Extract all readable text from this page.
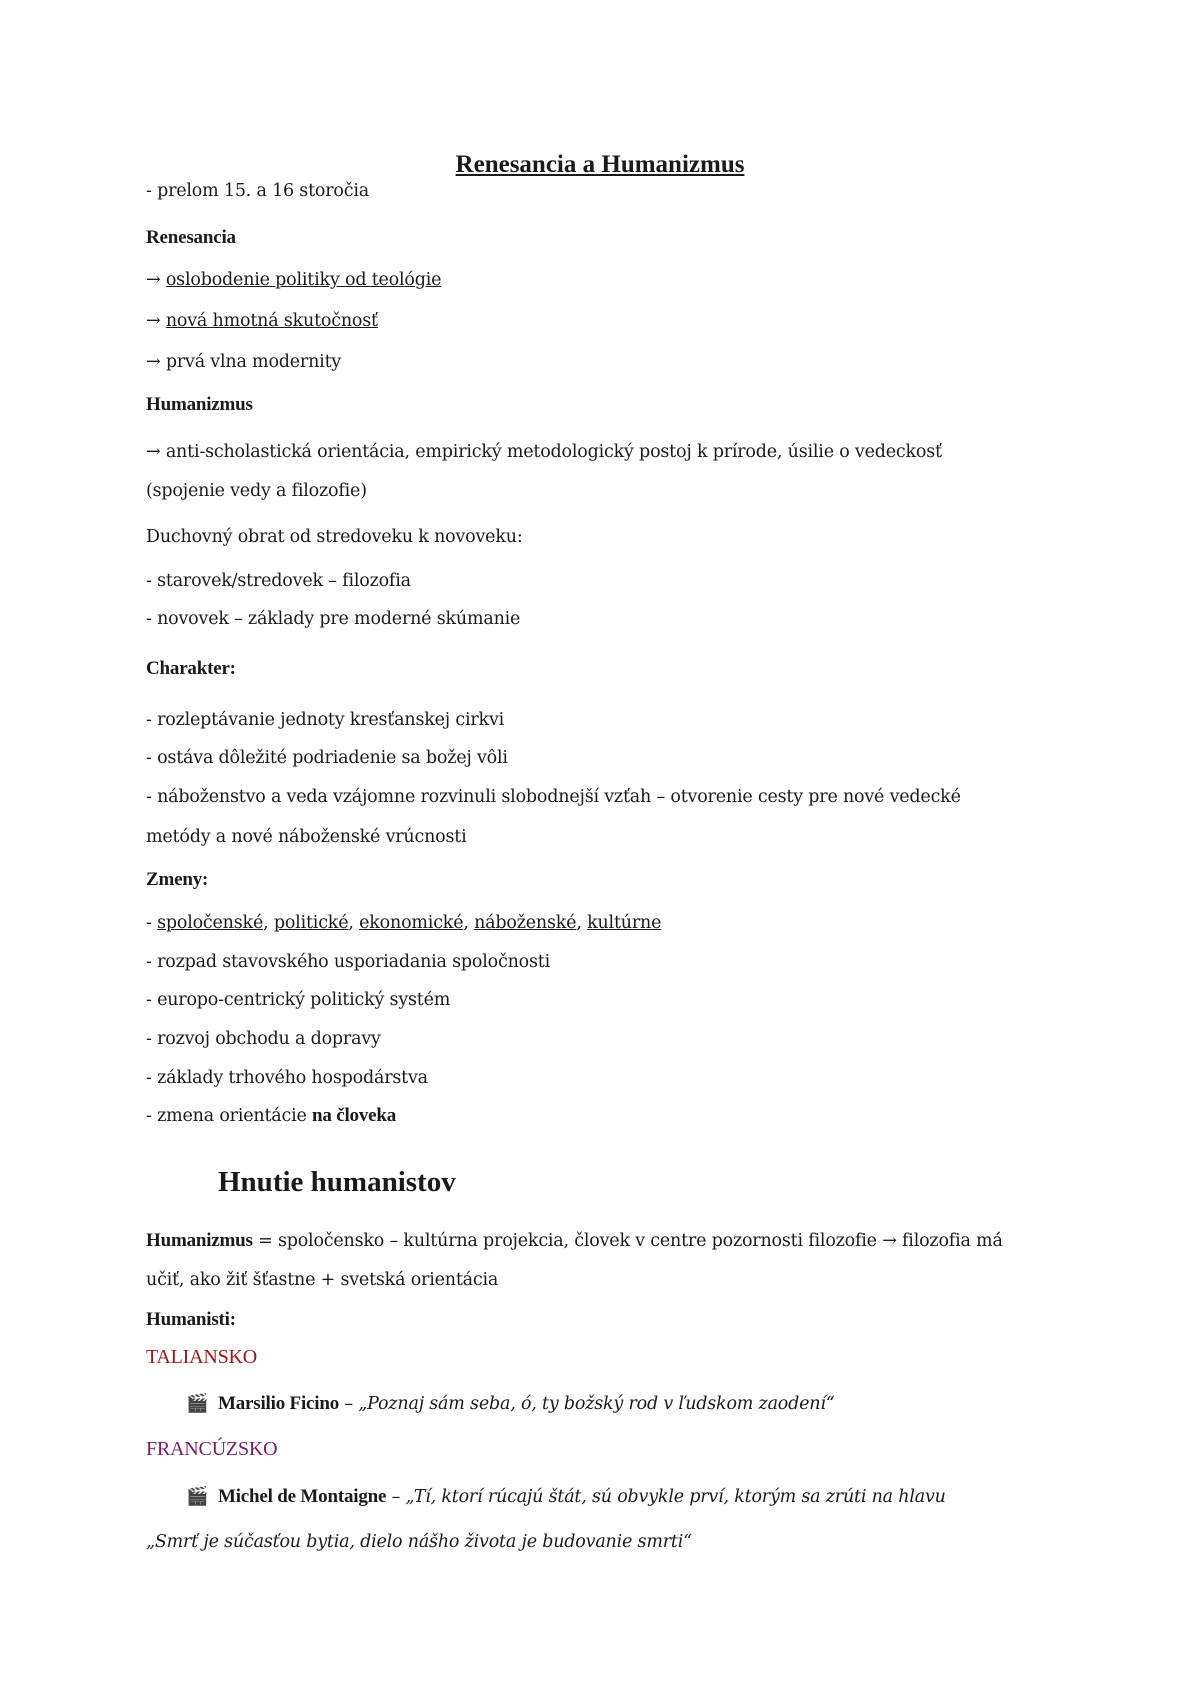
Renesancia a Humanizmus
- prelom 15. a 16 storočia
Renesancia
→ oslobodenie politiky od teológie
→ nová hmotná skutočnosť
→ prvá vlna modernity
Humanizmus
→ anti-scholastická orientácia, empirický metodologický postoj k prírode, úsilie o vedeckosť
(spojenie vedy a filozofie)
Duchovný obrat od stredoveku k novoveku:
- starovek/stredovek – filozofia
- novovek – základy pre moderné skúmanie
Charakter:
- rozleptávanie jednoty kresťanskej cirkvi
- ostáva dôležité podriadenie sa božej vôli
- náboženstvo a veda vzájomne rozvinuli slobodnejší vzťah – otvorenie cesty pre nové vedecké
metódy a nové náboženské vrúcnosti
Zmeny:
- spoločenské, politické, ekonomické, náboženské, kultúrne
- rozpad stavovského usporiadania spoločnosti
- europo-centrický politický systém
- rozvoj obchodu a dopravy
- základy trhového hospodárstva
- zmena orientácie na človeka
Hnutie humanistov
Humanizmus = spoločensko – kultúrna projekcia, človek v centre pozornosti filozofie → filozofia má
učiť, ako žiť šťastne + svetská orientácia
Humanisti:
TALIANSKO
🎬 Marsilio Ficino – „Poznaj sám seba, ó, ty božský rod v ľudskom zaodení“
FRANCÚZSKO
🎬 Michel de Montaigne – „Tí, ktorí rúcajú štát, sú obvykle prví, ktorým sa zrúti na hlavu
„Smrť je súčasťou bytia, dielo nášho života je budovanie smrti“
